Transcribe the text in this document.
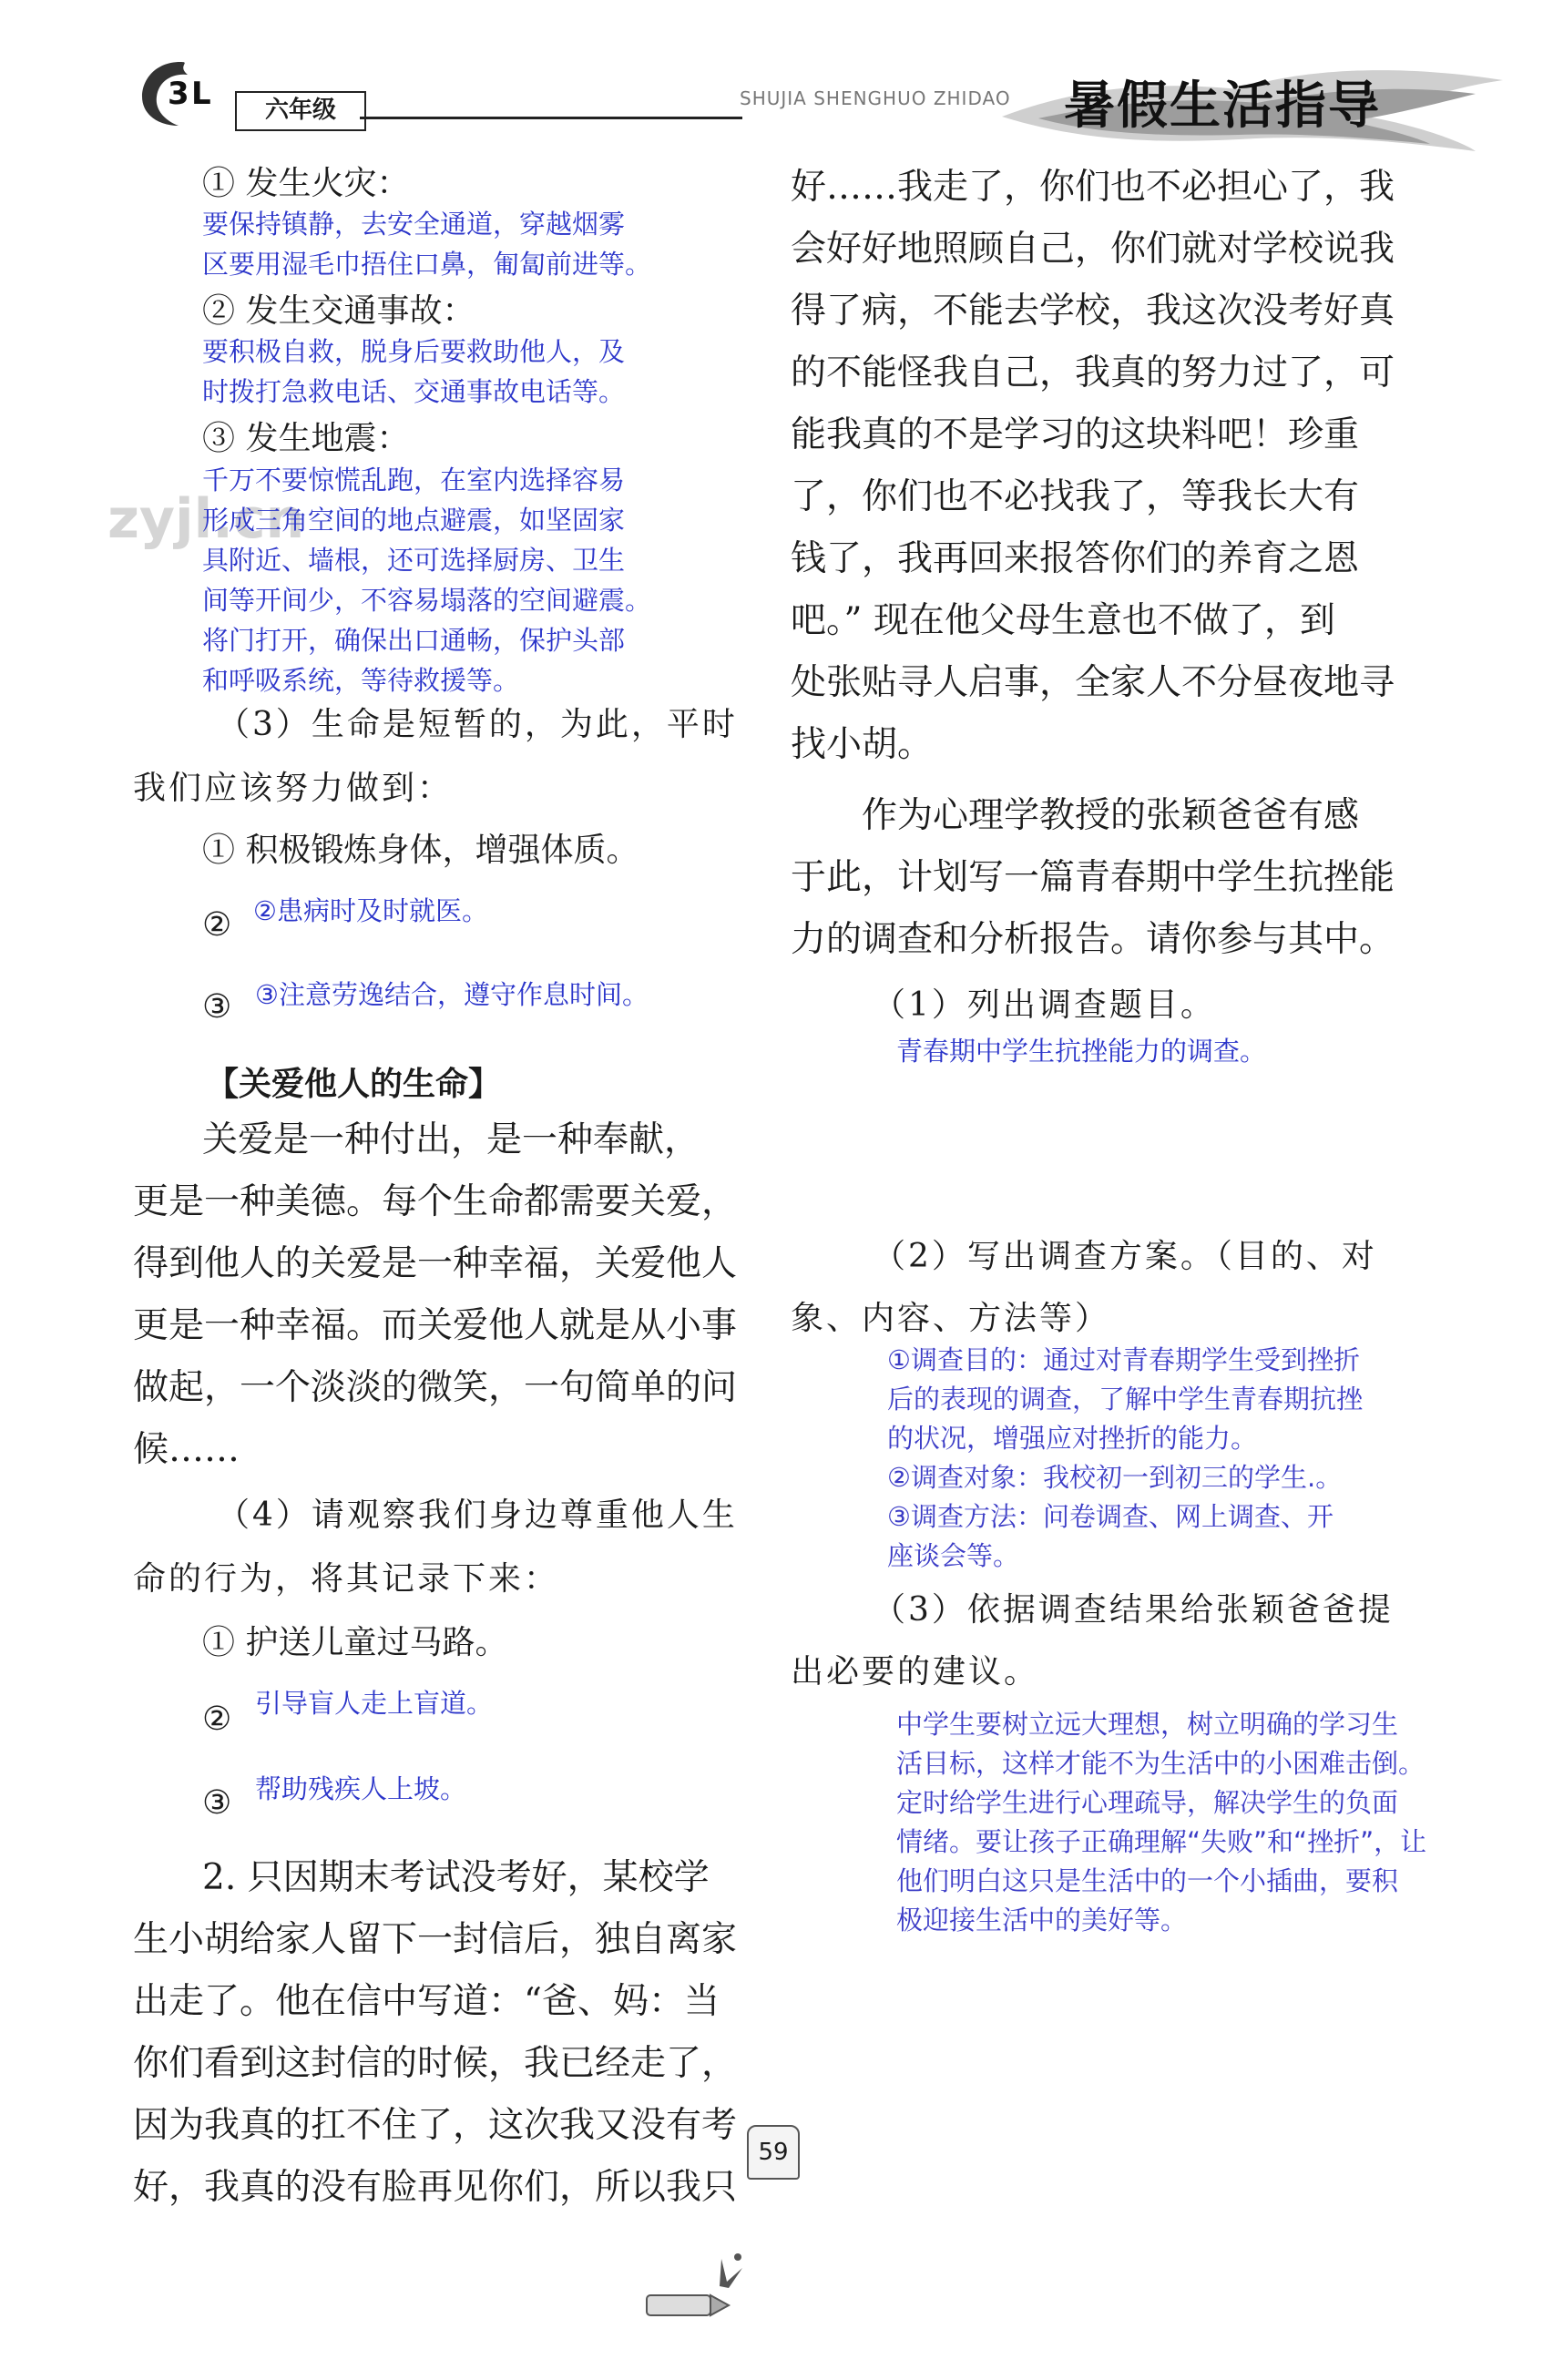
3 L	六年级	SHUJIA SHENGHUO ZHIDAO 暑假生活指导
zyjl.cn
① 发生火灾：
要保持镇静，去安全通道，穿越烟雾
区要用湿毛巾捂住口鼻，匍匐前进等。
② 发生交通事故：
要积极自救，脱身后要救助他人，及
时拨打急救电话、交通事故电话等。
③ 发生地震：
千万不要惊慌乱跑，在室内选择容易
形成三角空间的地点避震，如坚固家
具附近、墙根，还可选择厨房、卫生
间等开间少，不容易塌落的空间避震。
将门打开，确保出口通畅，保护头部
和呼吸系统，等待救援等。
（3）生命是短暂的，为此，平时
我们应该努力做到：
① 积极锻炼身体，增强体质。
② ②患病时及时就医。
③ ③注意劳逸结合，遵守作息时间。
【关爱他人的生命】
关爱是一种付出，是一种奉献，
更是一种美德。每个生命都需要关爱，
得到他人的关爱是一种幸福，关爱他人
更是一种幸福。而关爱他人就是从小事
做起，一个淡淡的微笑，一句简单的问
候……
（4）请观察我们身边尊重他人生
命的行为，将其记录下来：
① 护送儿童过马路。
② 引导盲人走上盲道。
③ 帮助残疾人上坡。
2. 只因期末考试没考好，某校学
生小胡给家人留下一封信后，独自离家
出走了。他在信中写道：“爸、妈：当
你们看到这封信的时候，我已经走了，
因为我真的扛不住了，这次我又没有考
好，我真的没有脸再见你们，所以我只
59
好……我走了，你们也不必担心了，我
会好好地照顾自己，你们就对学校说我
得了病，不能去学校，我这次没考好真
的不能怪我自己，我真的努力过了，可
能我真的不是学习的这块料吧！珍重
了，你们也不必找我了，等我长大有
钱了，我再回来报答你们的养育之恩
吧。” 现在他父母生意也不做了，到
处张贴寻人启事，全家人不分昼夜地寻
找小胡。
作为心理学教授的张颖爸爸有感
于此，计划写一篇青春期中学生抗挫能
力的调查和分析报告。请你参与其中。
（1）列出调查题目。
青春期中学生抗挫能力的调查。
（2）写出调查方案。（目的、对
象、内容、方法等）
①调查目的：通过对青春期学生受到挫折
后的表现的调查，了解中学生青春期抗挫
的状况，增强应对挫折的能力。
②调查对象：我校初一到初三的学生.。
③调查方法：问卷调查、网上调查、开
座谈会等。
（3）依据调查结果给张颖爸爸提
出必要的建议。
中学生要树立远大理想，树立明确的学习生
活目标，这样才能不为生活中的小困难击倒。
定时给学生进行心理疏导，解决学生的负面
情绪。要让孩子正确理解“失败”和“挫折”，让
他们明白这只是生活中的一个小插曲，要积
极迎接生活中的美好等。
